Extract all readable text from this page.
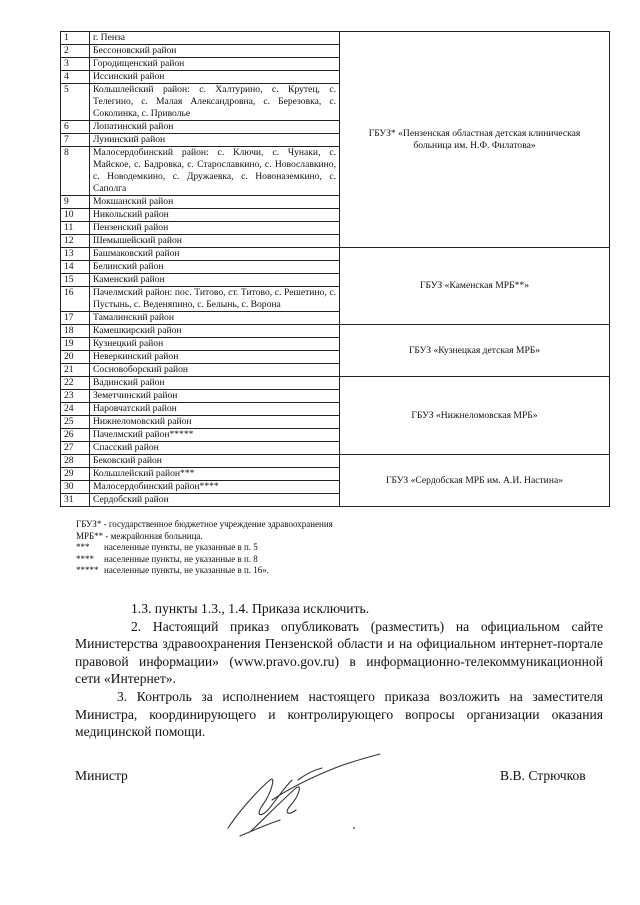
1	г. Пенза	ГБУЗ* «Пензенская областная детская клиническая больница им. Н.Ф. Филатова»
2	Бессоновский район	
3	Городищенский район	
4	Иссинский район	
5	Кольшлейский район: с. Халтурино, с. Крутец, с. Телегино, с. Малая Александровна, с. Березовка, с. Соколинка, с. Приволье	
6	Лопатинский район	
7	Лунинский район	
8	Малосердобинский район: с. Ключи, с. Чунаки, с. Майское, с. Бадровка, с. Старославкино, с. Новославкино, с. Новодемкино, с. Дружаевка, с. Новоназемкино, с. Саполга	
9	Мокшанский район	
10	Никольский район	
11	Пензенский район	
12	Шемышейский район	
13	Башмаковский район	ГБУЗ «Каменская МРБ**»
14	Белинский район	
15	Каменский район	
16	Пачелмский район: пос. Титово, ст. Титово, с. Решетино, с. Пустынь, с. Веденяпино, с. Белынь, с. Ворона	
17	Тамалинский район	
18	Камешкирский район	ГБУЗ «Кузнецкая детская МРБ»
19	Кузнецкий район	
20	Неверкинский район	
21	Сосновоборский район	
22	Вадинский район	ГБУЗ «Нижнеломовская МРБ»
23	Земетчинский район	
24	Наровчатский район	
25	Нижнеломовский район	
26	Пачелмский район*****	
27	Спасский район	
28	Бековский район	ГБУЗ «Сердобская МРБ им. А.И. Настина»
29	Кольшлейский район***	
30	Малосердобинский район****	
31	Сердобский район	
ГБУЗ* - государственное бюджетное учреждение здравоохранения
МРБ** - межрайонная больница.
*** населенные пункты, не указанные в п. 5
**** населенные пункты, не указанные в п. 8
***** населенные пункты, не указанные в п. 16».

1.3. пункты 1.3., 1.4. Приказа исключить.

2. Настоящий приказ опубликовать (разместить) на официальном сайте Министерства здравоохранения Пензенской области и на официальном интернет-портале правовой информации» (www.pravo.gov.ru) в информационно-телекоммуникационной сети «Интернет».

3. Контроль за исполнением настоящего приказа возложить на заместителя Министра, координирующего и контролирующего вопросы организации оказания медицинской помощи.

Министр	В.В. Стрючков
